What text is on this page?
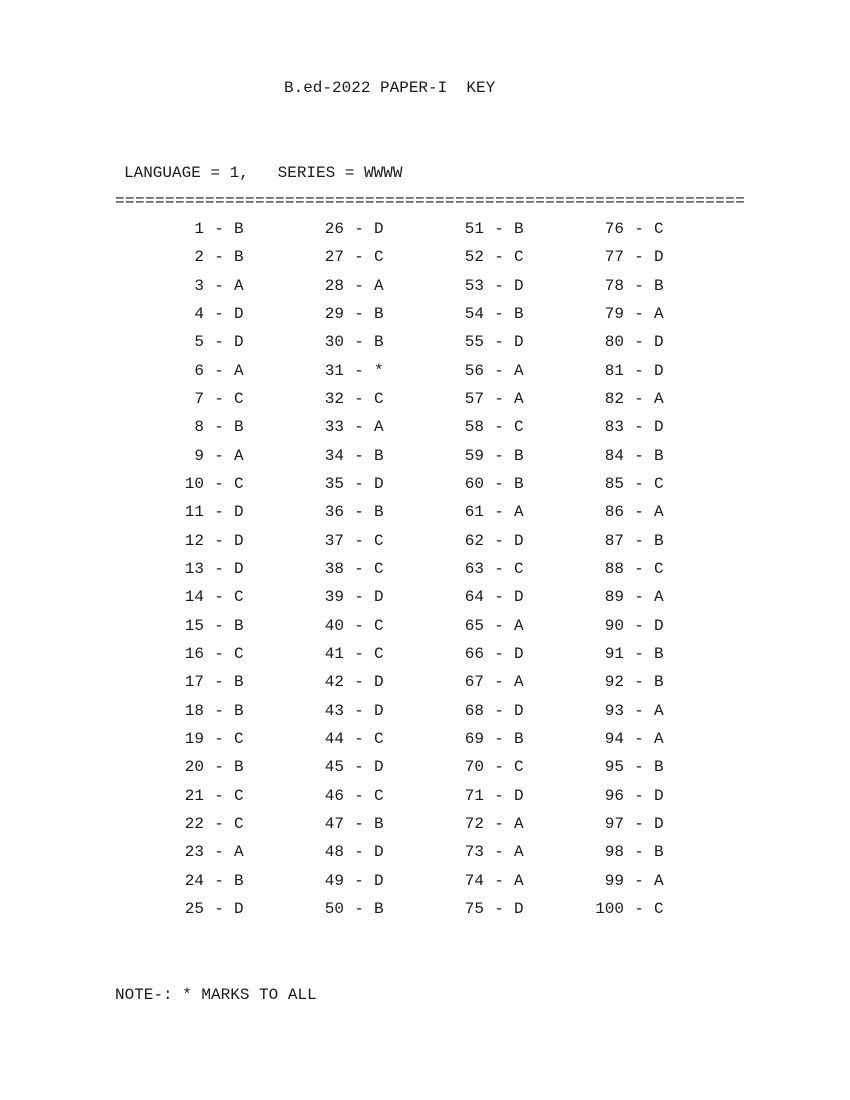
B.ed-2022 PAPER-I  KEY
LANGUAGE = 1,   SERIES = WWWW
===============================================================
1 - B	26 - D	51 - B	76 - C
2 - B	27 - C	52 - C	77 - D
3 - A	28 - A	53 - D	78 - B
4 - D	29 - B	54 - B	79 - A
5 - D	30 - B	55 - D	80 - D
6 - A	31 - *	56 - A	81 - D
7 - C	32 - C	57 - A	82 - A
8 - B	33 - A	58 - C	83 - D
9 - A	34 - B	59 - B	84 - B
10 - C	35 - D	60 - B	85 - C
11 - D	36 - B	61 - A	86 - A
12 - D	37 - C	62 - D	87 - B
13 - D	38 - C	63 - C	88 - C
14 - C	39 - D	64 - D	89 - A
15 - B	40 - C	65 - A	90 - D
16 - C	41 - C	66 - D	91 - B
17 - B	42 - D	67 - A	92 - B
18 - B	43 - D	68 - D	93 - A
19 - C	44 - C	69 - B	94 - A
20 - B	45 - D	70 - C	95 - B
21 - C	46 - C	71 - D	96 - D
22 - C	47 - B	72 - A	97 - D
23 - A	48 - D	73 - A	98 - B
24 - B	49 - D	74 - A	99 - A
25 - D	50 - B	75 - D	100 - C
NOTE-: * MARKS TO ALL
